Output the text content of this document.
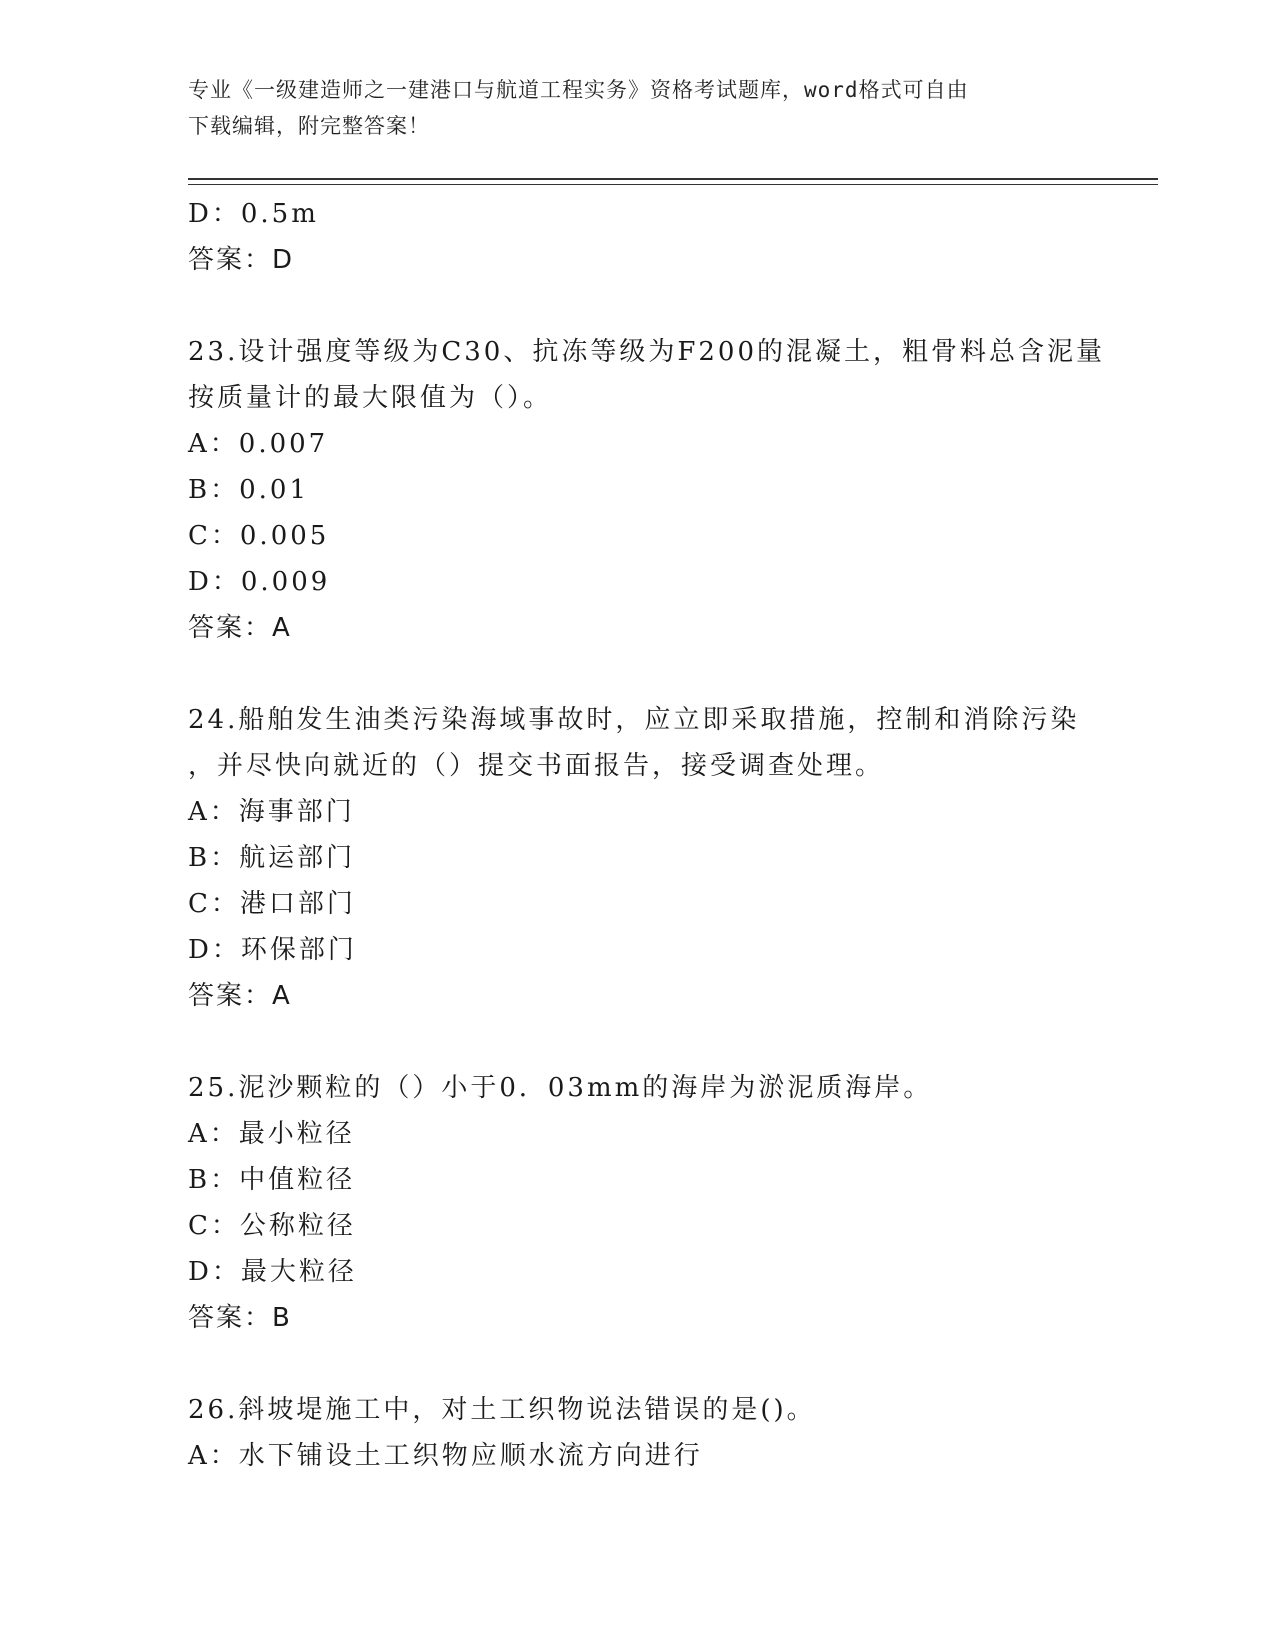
专业《一级建造师之一建港口与航道工程实务》资格考试题库，word格式可自由
下载编辑，附完整答案！
D：0.5m
答案：D
23.设计强度等级为C30、抗冻等级为F200的混凝土，粗骨料总含泥量
按质量计的最大限值为（）。
A：0.007
B：0.01
C：0.005
D：0.009
答案：A
24.船舶发生油类污染海域事故时，应立即采取措施，控制和消除污染
，并尽快向就近的（）提交书面报告，接受调查处理。
A：海事部门
B：航运部门
C：港口部门
D：环保部门
答案：A
25.泥沙颗粒的（）小于0．03mm的海岸为淤泥质海岸。
A：最小粒径
B：中值粒径
C：公称粒径
D：最大粒径
答案：B
26.斜坡堤施工中，对土工织物说法错误的是()。
A：水下铺设土工织物应顺水流方向进行
